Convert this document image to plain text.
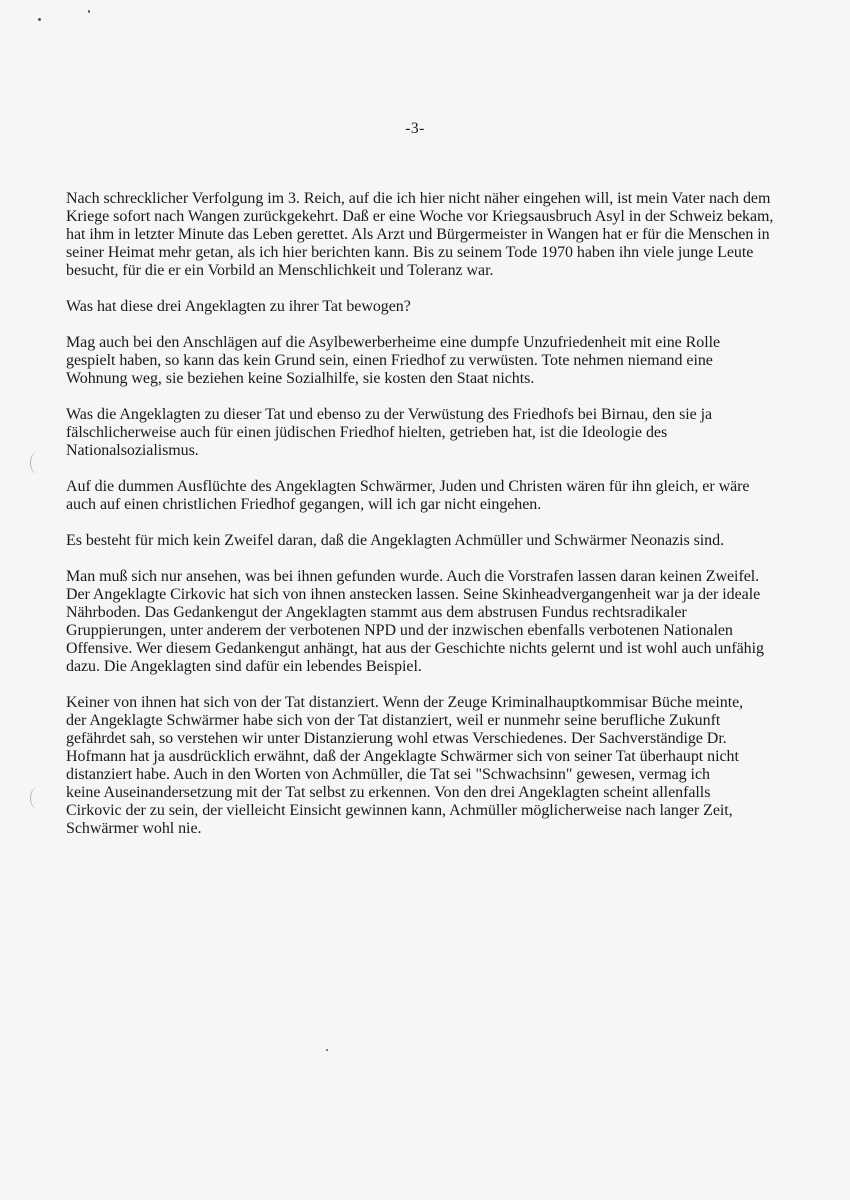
-3-

Nach schrecklicher Verfolgung im 3. Reich, auf die ich hier nicht näher eingehen will, ist mein Vater nach dem Kriege sofort nach Wangen zurückgekehrt. Daß er eine Woche vor Kriegsausbruch Asyl in der Schweiz bekam, hat ihm in letzter Minute das Leben gerettet. Als Arzt und Bürgermeister in Wangen hat er für die Menschen in seiner Heimat mehr getan, als ich hier berichten kann. Bis zu seinem Tode 1970 haben ihn viele junge Leute besucht, für die er ein Vorbild an Menschlichkeit und Toleranz war.

Was hat diese drei Angeklagten zu ihrer Tat bewogen?

Mag auch bei den Anschlägen auf die Asylbewerberheime eine dumpfe Unzufriedenheit mit eine Rolle gespielt haben, so kann das kein Grund sein, einen Friedhof zu verwüsten. Tote nehmen niemand eine Wohnung weg, sie beziehen keine Sozialhilfe, sie kosten den Staat nichts.

Was die Angeklagten zu dieser Tat und ebenso zu der Verwüstung des Friedhofs bei Birnau, den sie ja fälschlicherweise auch für einen jüdischen Friedhof hielten, getrieben hat, ist die Ideologie des Nationalsozialismus.

Auf die dummen Ausflüchte des Angeklagten Schwärmer, Juden und Christen wären für ihn gleich, er wäre auch auf einen christlichen Friedhof gegangen, will ich gar nicht eingehen.

Es besteht für mich kein Zweifel daran, daß die Angeklagten Achmüller und Schwärmer Neonazis sind.

Man muß sich nur ansehen, was bei ihnen gefunden wurde. Auch die Vorstrafen lassen daran keinen Zweifel. Der Angeklagte Cirkovic hat sich von ihnen anstecken lassen. Seine Skinheadvergangenheit war ja der ideale Nährboden. Das Gedankengut der Angeklagten stammt aus dem abstrusen Fundus rechtsradikaler Gruppierungen, unter anderem der verbotenen NPD und der inzwischen ebenfalls verbotenen Nationalen Offensive. Wer diesem Gedankengut anhängt, hat aus der Geschichte nichts gelernt und ist wohl auch unfähig dazu. Die Angeklagten sind dafür ein lebendes Beispiel.

Keiner von ihnen hat sich von der Tat distanziert. Wenn der Zeuge Kriminalhauptkommisar Büche meinte, der Angeklagte Schwärmer habe sich von der Tat distanziert, weil er nunmehr seine berufliche Zukunft gefährdet sah, so verstehen wir unter Distanzierung wohl etwas Verschiedenes. Der Sachverständige Dr. Hofmann hat ja ausdrücklich erwähnt, daß der Angeklagte Schwärmer sich von seiner Tat überhaupt nicht distanziert habe. Auch in den Worten von Achmüller, die Tat sei "Schwachsinn" gewesen, vermag ich keine Auseinandersetzung mit der Tat selbst zu erkennen. Von den drei Angeklagten scheint allenfalls Cirkovic der zu sein, der vielleicht Einsicht gewinnen kann, Achmüller möglicherweise nach langer Zeit, Schwärmer wohl nie.
